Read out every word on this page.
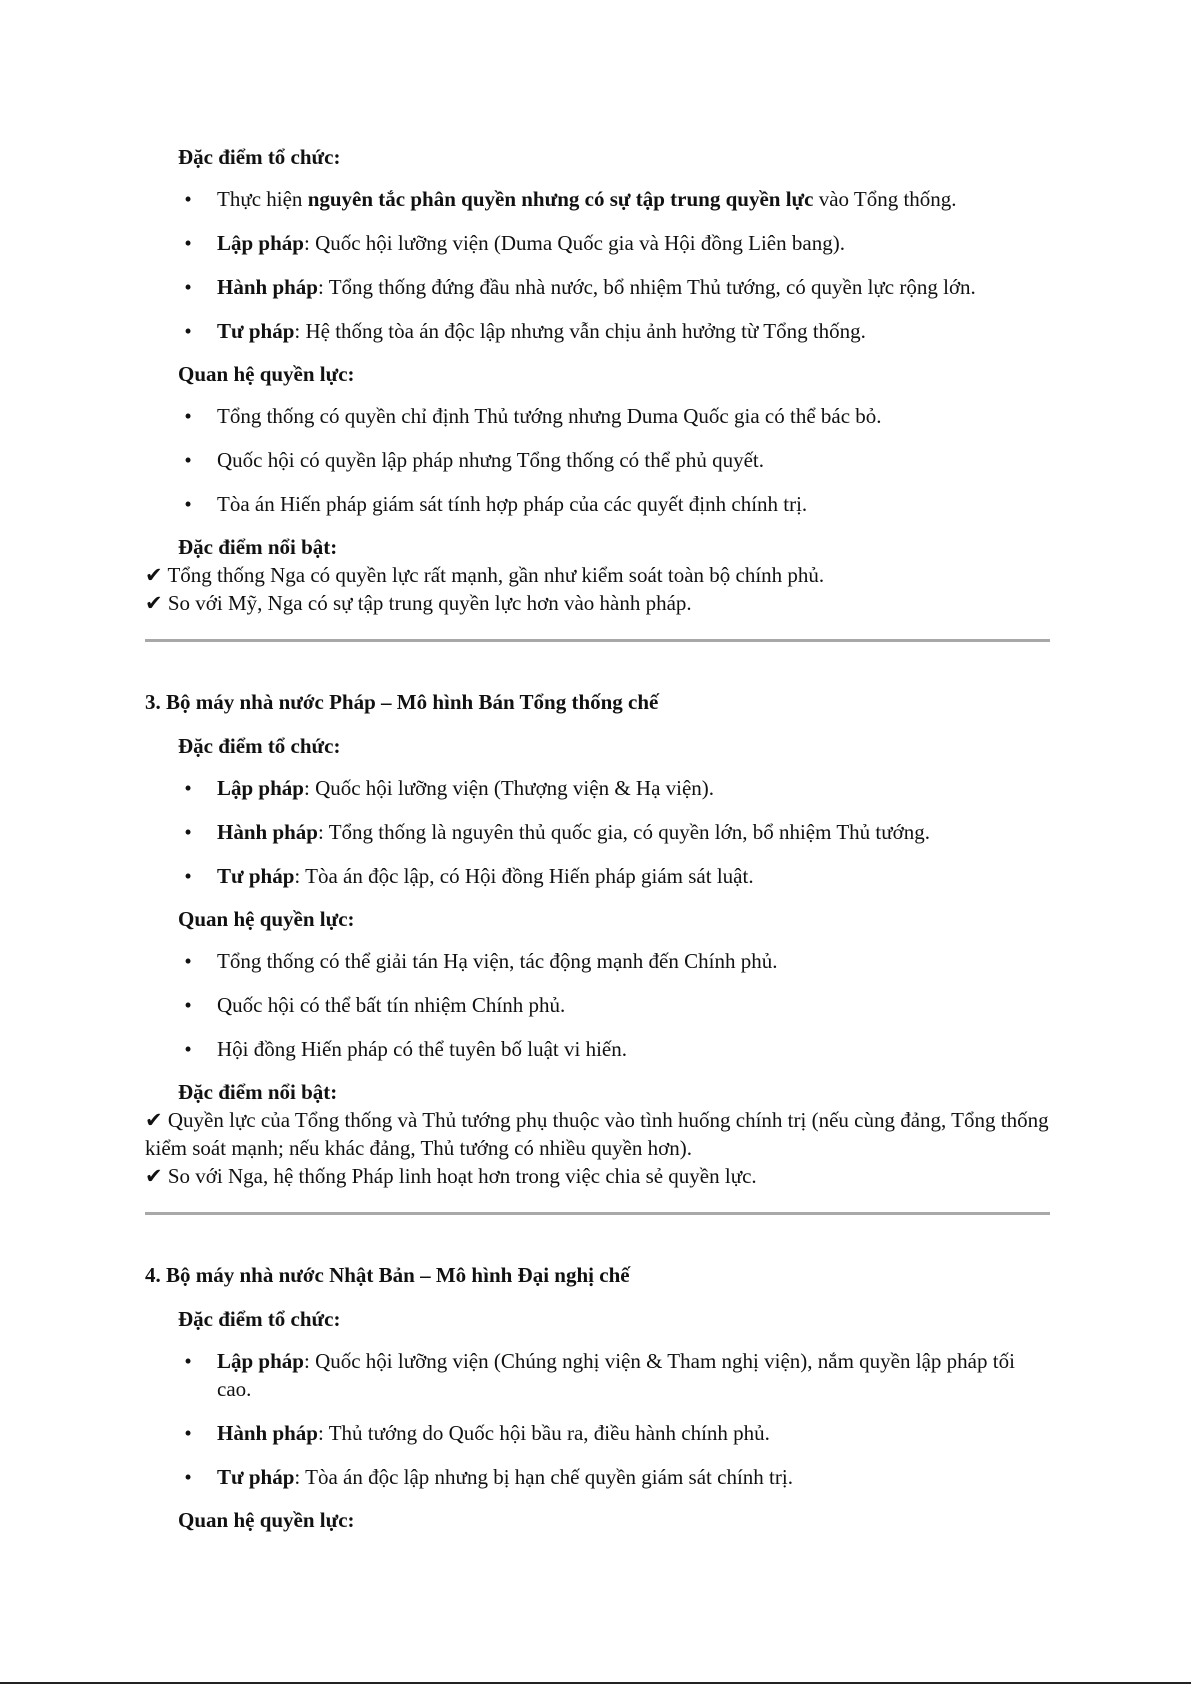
Đặc điểm tổ chức:
• Thực hiện nguyên tắc phân quyền nhưng có sự tập trung quyền lực vào Tổng thống.
• Lập pháp: Quốc hội lưỡng viện (Duma Quốc gia và Hội đồng Liên bang).
• Hành pháp: Tổng thống đứng đầu nhà nước, bổ nhiệm Thủ tướng, có quyền lực rộng lớn.
• Tư pháp: Hệ thống tòa án độc lập nhưng vẫn chịu ảnh hưởng từ Tổng thống.
Quan hệ quyền lực:
• Tổng thống có quyền chỉ định Thủ tướng nhưng Duma Quốc gia có thể bác bỏ.
• Quốc hội có quyền lập pháp nhưng Tổng thống có thể phủ quyết.
• Tòa án Hiến pháp giám sát tính hợp pháp của các quyết định chính trị.
Đặc điểm nổi bật:
✔ Tổng thống Nga có quyền lực rất mạnh, gần như kiểm soát toàn bộ chính phủ.
✔ So với Mỹ, Nga có sự tập trung quyền lực hơn vào hành pháp.
3. Bộ máy nhà nước Pháp – Mô hình Bán Tổng thống chế
Đặc điểm tổ chức:
• Lập pháp: Quốc hội lưỡng viện (Thượng viện & Hạ viện).
• Hành pháp: Tổng thống là nguyên thủ quốc gia, có quyền lớn, bổ nhiệm Thủ tướng.
• Tư pháp: Tòa án độc lập, có Hội đồng Hiến pháp giám sát luật.
Quan hệ quyền lực:
• Tổng thống có thể giải tán Hạ viện, tác động mạnh đến Chính phủ.
• Quốc hội có thể bất tín nhiệm Chính phủ.
• Hội đồng Hiến pháp có thể tuyên bố luật vi hiến.
Đặc điểm nổi bật:
✔ Quyền lực của Tổng thống và Thủ tướng phụ thuộc vào tình huống chính trị (nếu cùng đảng, Tổng thống kiểm soát mạnh; nếu khác đảng, Thủ tướng có nhiều quyền hơn).
✔ So với Nga, hệ thống Pháp linh hoạt hơn trong việc chia sẻ quyền lực.
4. Bộ máy nhà nước Nhật Bản – Mô hình Đại nghị chế
Đặc điểm tổ chức:
• Lập pháp: Quốc hội lưỡng viện (Chúng nghị viện & Tham nghị viện), nắm quyền lập pháp tối cao.
• Hành pháp: Thủ tướng do Quốc hội bầu ra, điều hành chính phủ.
• Tư pháp: Tòa án độc lập nhưng bị hạn chế quyền giám sát chính trị.
Quan hệ quyền lực:
